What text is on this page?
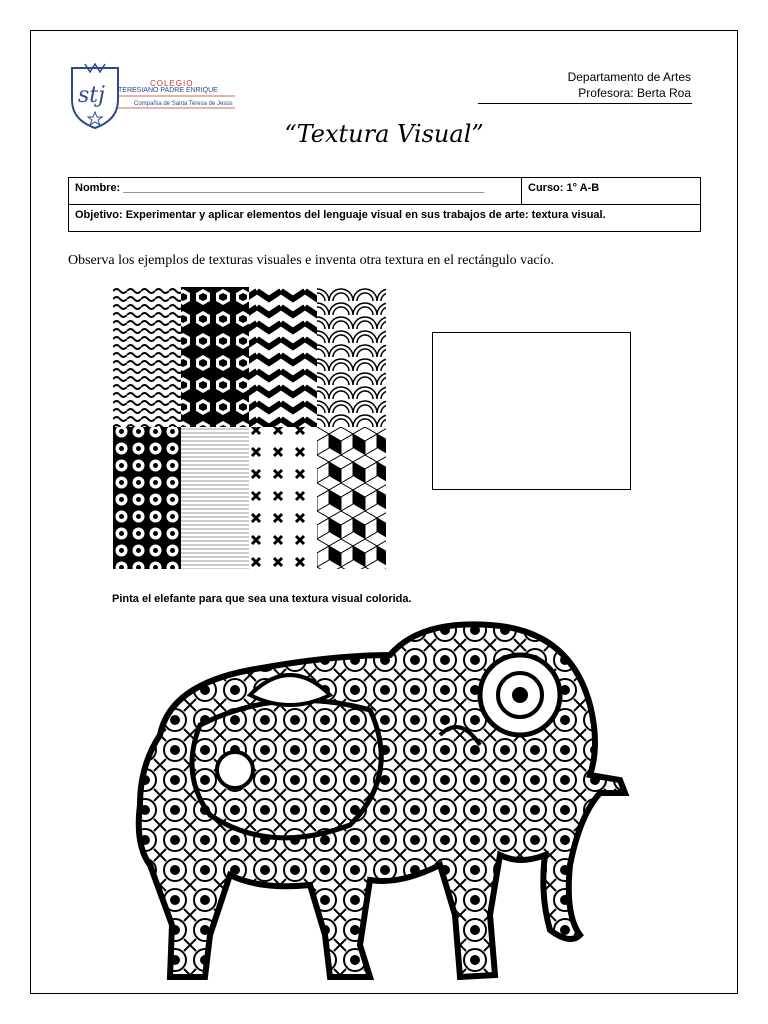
stj	COLEGIO
TERESIANO PADRE ENRIQUE
Compañía de Santa Teresa de Jesús
Departamento de Artes
Profesora: Berta Roa
“Textura Visual”
Nombre: ___________________________________________________________	Curso: 1° A-B
Objetivo: Experimentar y aplicar elementos del lenguaje visual en sus trabajos de arte: textura visual.
Observa los ejemplos de texturas visuales e inventa otra textura en el rectángulo vacío.
Pinta el elefante para que sea una textura visual colorida.
